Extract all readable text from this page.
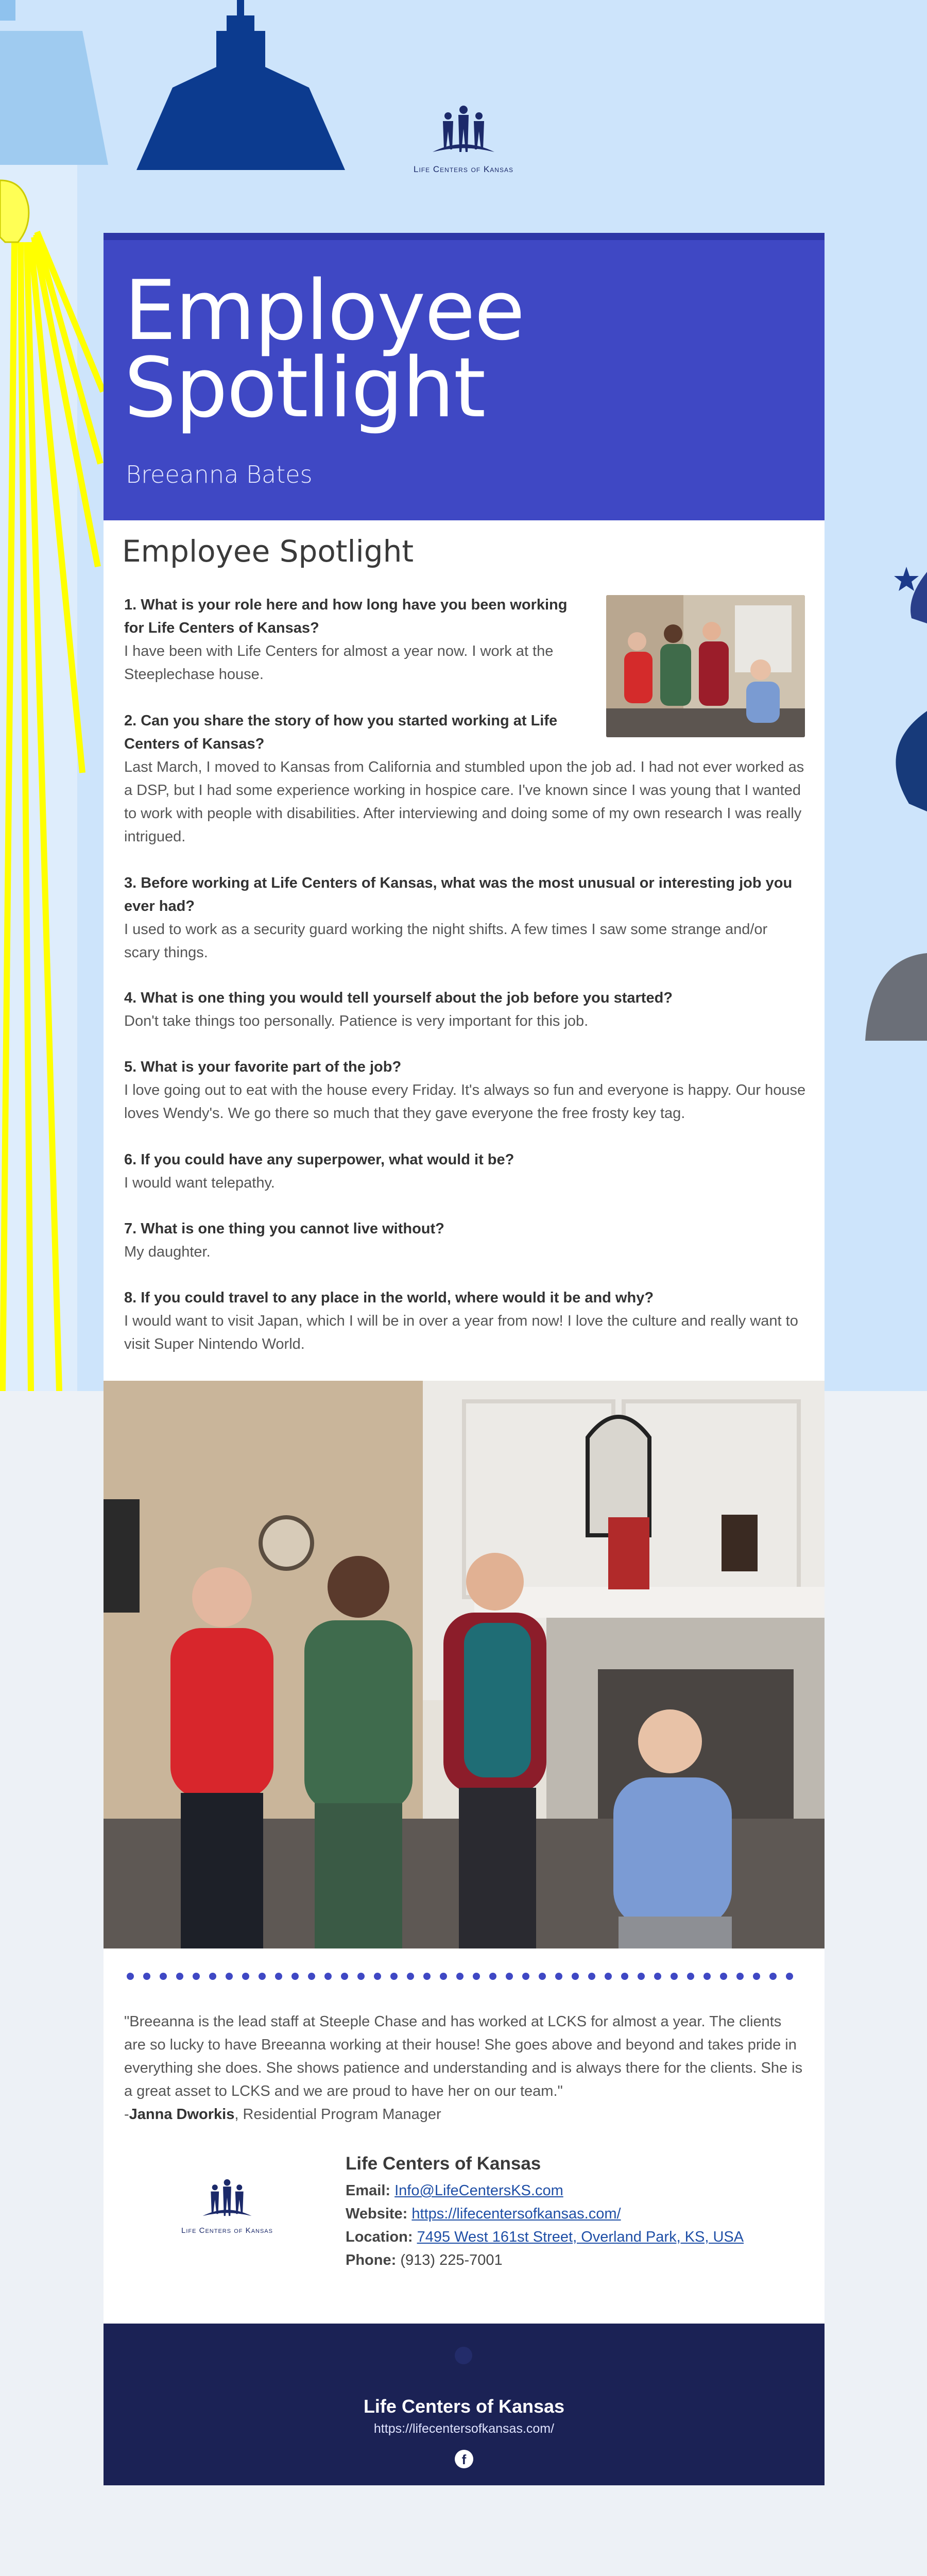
Life Centers of Kansas
Employee Spotlight
Breeanna Bates
Employee Spotlight
1. What is your role here and how long have you been working for Life Centers of Kansas?
I have been with Life Centers for almost a year now. I work at the Steeplechase house.
2. Can you share the story of how you started working at Life Centers of Kansas?
Last March, I moved to Kansas from California and stumbled upon the job ad. I had not ever worked as a DSP, but I had some experience working in hospice care. I've known since I was young that I wanted to work with people with disabilities. After interviewing and doing some of my own research I was really intrigued.
3. Before working at Life Centers of Kansas, what was the most unusual or interesting job you ever had?
I used to work as a security guard working the night shifts. A few times I saw some strange and/or scary things.
4. What is one thing you would tell yourself about the job before you started?
Don't take things too personally. Patience is very important for this job.
5. What is your favorite part of the job?
I love going out to eat with the house every Friday. It's always so fun and everyone is happy. Our house loves Wendy's. We go there so much that they gave everyone the free frosty key tag.
6. If you could have any superpower, what would it be?
I would want telepathy.
7. What is one thing you cannot live without?
My daughter.
8. If you could travel to any place in the world, where would it be and why?
I would want to visit Japan, which I will be in over a year from now! I love the culture and really want to visit Super Nintendo World.
"Breeanna is the lead staff at Steeple Chase and has worked at LCKS for almost a year. The clients are so lucky to have Breeanna working at their house! She goes above and beyond and takes pride in everything she does. She shows patience and understanding and is always there for the clients. She is a great asset to LCKS and we are proud to have her on our team."
-Janna Dworkis, Residential Program Manager
Life Centers of Kansas
Life Centers of Kansas
Email: Info@LifeCentersKS.com
Website: https://lifecentersofkansas.com/
Location: 7495 West 161st Street, Overland Park, KS, USA
Phone: (913) 225-7001
Life Centers of Kansas
https://lifecentersofkansas.com/
f
